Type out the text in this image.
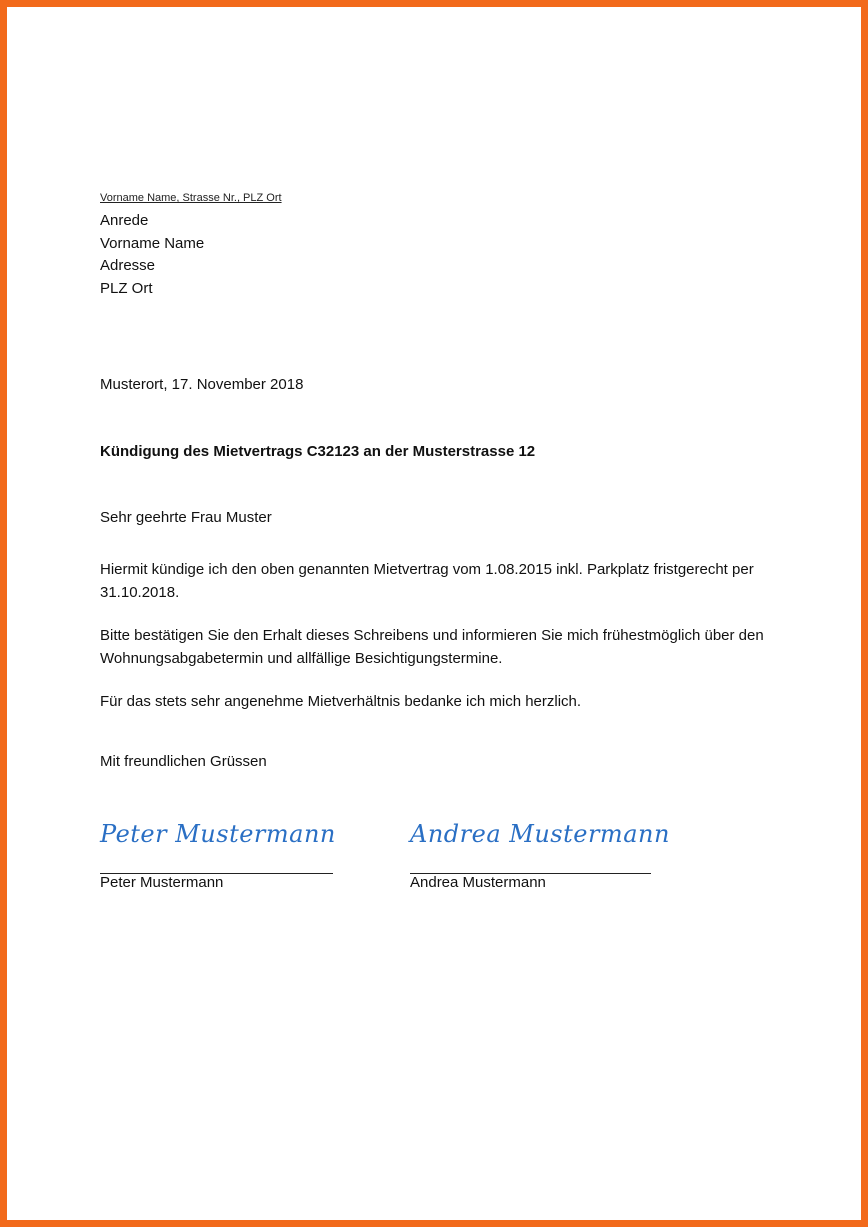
Vorname Name, Strasse Nr., PLZ Ort
Anrede
Vorname Name
Adresse
PLZ Ort
Musterort, 17. November 2018
Kündigung des Mietvertrags C32123 an der Musterstrasse 12
Sehr geehrte Frau Muster
Hiermit kündige ich den oben genannten Mietvertrag vom 1.08.2015 inkl. Parkplatz fristgerecht per 31.10.2018.
Bitte bestätigen Sie den Erhalt dieses Schreibens und informieren Sie mich frühestmöglich über den Wohnungsabgabetermin und allfällige Besichtigungstermine.
Für das stets sehr angenehme Mietverhältnis bedanke ich mich herzlich.
Mit freundlichen Grüssen
Peter Mustermann	Andrea Mustermann
Peter Mustermann	Andrea Mustermann
